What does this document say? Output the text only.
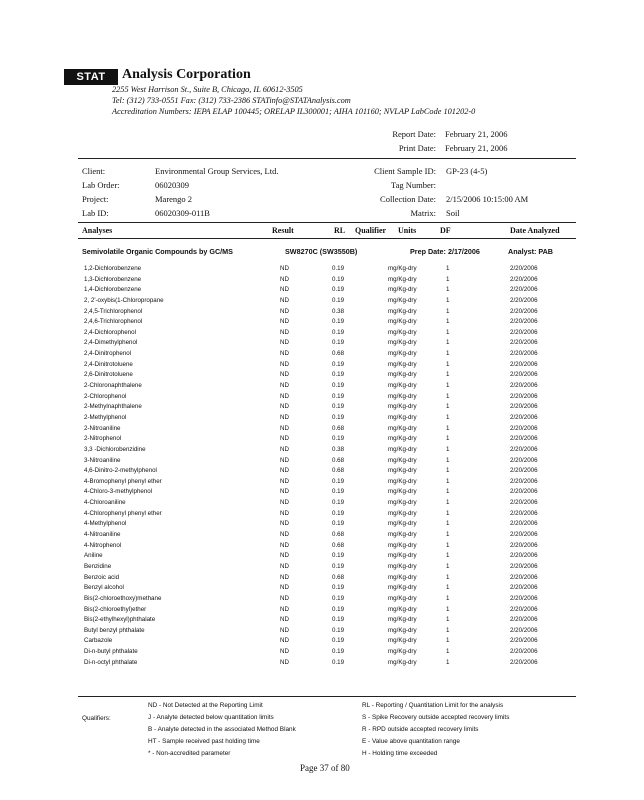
STAT	Analysis Corporation
2255 West Harrison St., Suite B, Chicago, IL 60612-3505
Tel: (312) 733-0551 Fax: (312) 733-2386 STATinfo@STATAnalysis.com
Accreditation Numbers: IEPA ELAP 100445; ORELAP IL300001; AIHA 101160; NVLAP LabCode 101202-0
Report Date: February 21, 2006
Print Date: February 21, 2006
Client:	Environmental Group Services, Ltd.
Lab Order:	06020309
Project:	Marengo 2
Lab ID:	06020309-011B
Client Sample ID: GP-23 (4-5)
Tag Number:
Collection Date: 2/15/2006 10:15:00 AM
Matrix: Soil
Analyses	Result	RL Qualifier Units	DF	Date Analyzed
Semivolatile Organic Compounds by GC/MS	SW8270C (SW3550B)	Prep Date: 2/17/2006	Analyst: PAB
1,2-Dichlorobenzene	ND	0.19	mg/Kg-dry	1	2/20/2006
1,3-Dichlorobenzene	ND	0.19	mg/Kg-dry	1	2/20/2006
1,4-Dichlorobenzene	ND	0.19	mg/Kg-dry	1	2/20/2006
2, 2'-oxybis(1-Chloropropane	ND	0.19	mg/Kg-dry	1	2/20/2006
2,4,5-Trichlorophenol	ND	0.38	mg/Kg-dry	1	2/20/2006
2,4,6-Trichlorophenol	ND	0.19	mg/Kg-dry	1	2/20/2006
2,4-Dichlorophenol	ND	0.19	mg/Kg-dry	1	2/20/2006
2,4-Dimethylphenol	ND	0.19	mg/Kg-dry	1	2/20/2006
2,4-Dinitrophenol	ND	0.68	mg/Kg-dry	1	2/20/2006
2,4-Dinitrotoluene	ND	0.19	mg/Kg-dry	1	2/20/2006
2,6-Dinitrotoluene	ND	0.19	mg/Kg-dry	1	2/20/2006
2-Chloronaphthalene	ND	0.19	mg/Kg-dry	1	2/20/2006
2-Chlorophenol	ND	0.19	mg/Kg-dry	1	2/20/2006
2-Methylnaphthalene	ND	0.19	mg/Kg-dry	1	2/20/2006
2-Methylphenol	ND	0.19	mg/Kg-dry	1	2/20/2006
2-Nitroaniline	ND	0.68	mg/Kg-dry	1	2/20/2006
2-Nitrophenol	ND	0.19	mg/Kg-dry	1	2/20/2006
3,3 -Dichlorobenzidine	ND	0.38	mg/Kg-dry	1	2/20/2006
3-Nitroaniline	ND	0.68	mg/Kg-dry	1	2/20/2006
4,6-Dinitro-2-methylphenol	ND	0.68	mg/Kg-dry	1	2/20/2006
4-Bromophenyl phenyl ether	ND	0.19	mg/Kg-dry	1	2/20/2006
4-Chloro-3-methylphenol	ND	0.19	mg/Kg-dry	1	2/20/2006
4-Chloroaniline	ND	0.19	mg/Kg-dry	1	2/20/2006
4-Chlorophenyl phenyl ether	ND	0.19	mg/Kg-dry	1	2/20/2006
4-Methylphenol	ND	0.19	mg/Kg-dry	1	2/20/2006
4-Nitroaniline	ND	0.68	mg/Kg-dry	1	2/20/2006
4-Nitrophenol	ND	0.68	mg/Kg-dry	1	2/20/2006
Aniline	ND	0.19	mg/Kg-dry	1	2/20/2006
Benzidine	ND	0.19	mg/Kg-dry	1	2/20/2006
Benzoic acid	ND	0.68	mg/Kg-dry	1	2/20/2006
Benzyl alcohol	ND	0.19	mg/Kg-dry	1	2/20/2006
Bis(2-chloroethoxy)methane	ND	0.19	mg/Kg-dry	1	2/20/2006
Bis(2-chloroethyl)ether	ND	0.19	mg/Kg-dry	1	2/20/2006
Bis(2-ethylhexyl)phthalate	ND	0.19	mg/Kg-dry	1	2/20/2006
Butyl benzyl phthalate	ND	0.19	mg/Kg-dry	1	2/20/2006
Carbazole	ND	0.19	mg/Kg-dry	1	2/20/2006
Di-n-butyl phthalate	ND	0.19	mg/Kg-dry	1	2/20/2006
Di-n-octyl phthalate	ND	0.19	mg/Kg-dry	1	2/20/2006
Qualifiers:
ND - Not Detected at the Reporting Limit
J - Analyte detected below quantitation limits
B - Analyte detected in the associated Method Blank
HT - Sample received past holding time
* - Non-accredited parameter
RL - Reporting / Quantitation Limit for the analysis
S - Spike Recovery outside accepted recovery limits
R - RPD outside accepted recovery limits
E - Value above quantitation range
H - Holding time exceeded
Page 37 of 80
